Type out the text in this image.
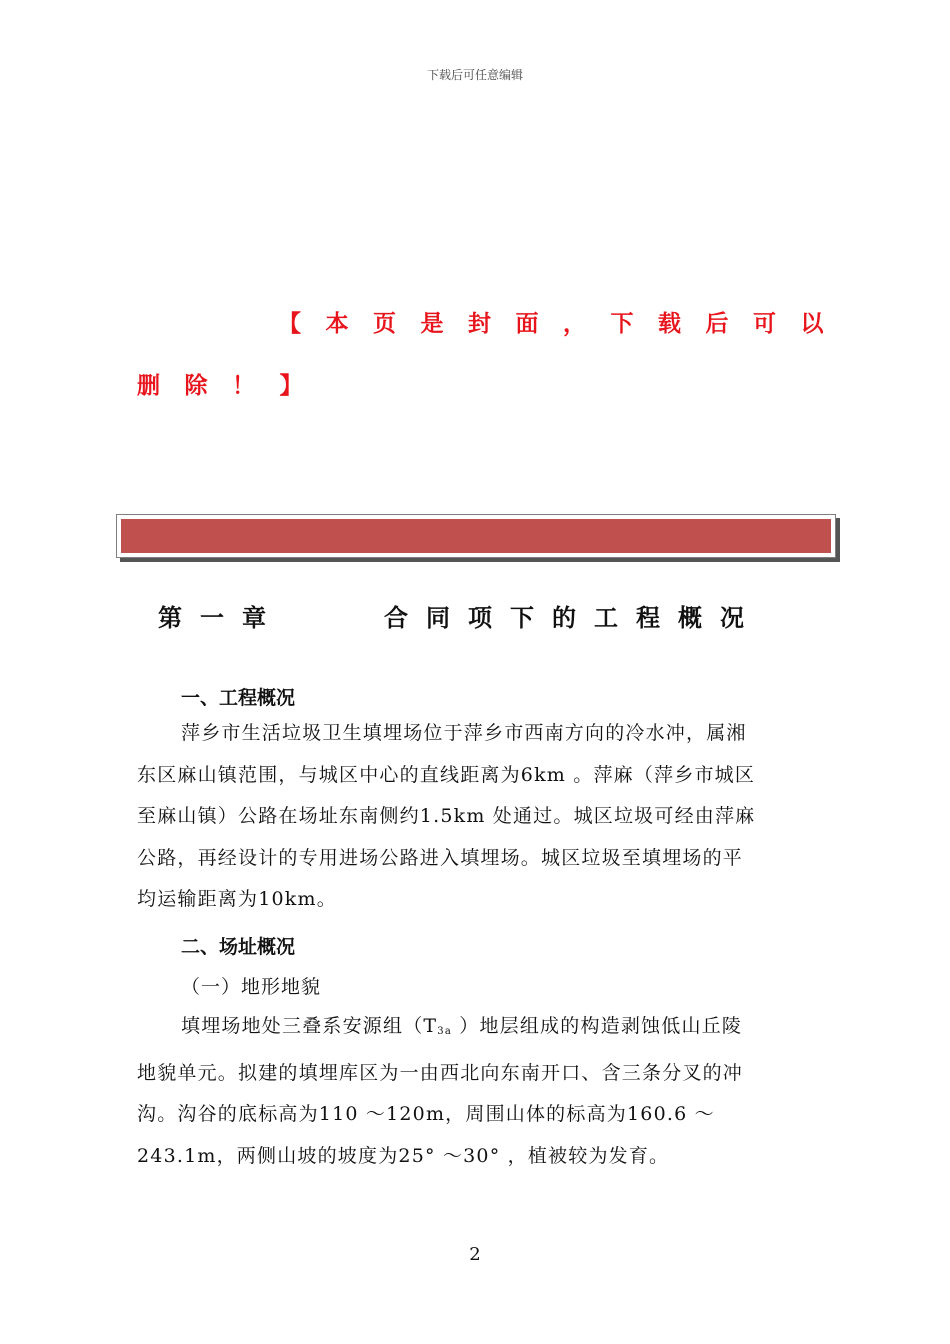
下载后可任意编辑
【本页是封面，下载后可以
删除！】
第一章	合同项下的工程概况
一、工程概况
萍乡市生活垃圾卫生填埋场位于萍乡市西南方向的冷水冲，属湘
东区麻山镇范围，与城区中心的直线距离为6km 。萍麻（萍乡市城区
至麻山镇）公路在场址东南侧约1.5km 处通过。城区垃圾可经由萍麻
公路，再经设计的专用进场公路进入填埋场。城区垃圾至填埋场的平
均运输距离为10km。
二、场址概况
（一）地形地貌
填埋场地处三叠系安源组（T3a ）地层组成的构造剥蚀低山丘陵
地貌单元。拟建的填埋库区为一由西北向东南开口、含三条分叉的冲
沟。沟谷的底标高为110 ～120m，周围山体的标高为160.6 ～
243.1m，两侧山坡的坡度为25° ～30° ，植被较为发育。
2
